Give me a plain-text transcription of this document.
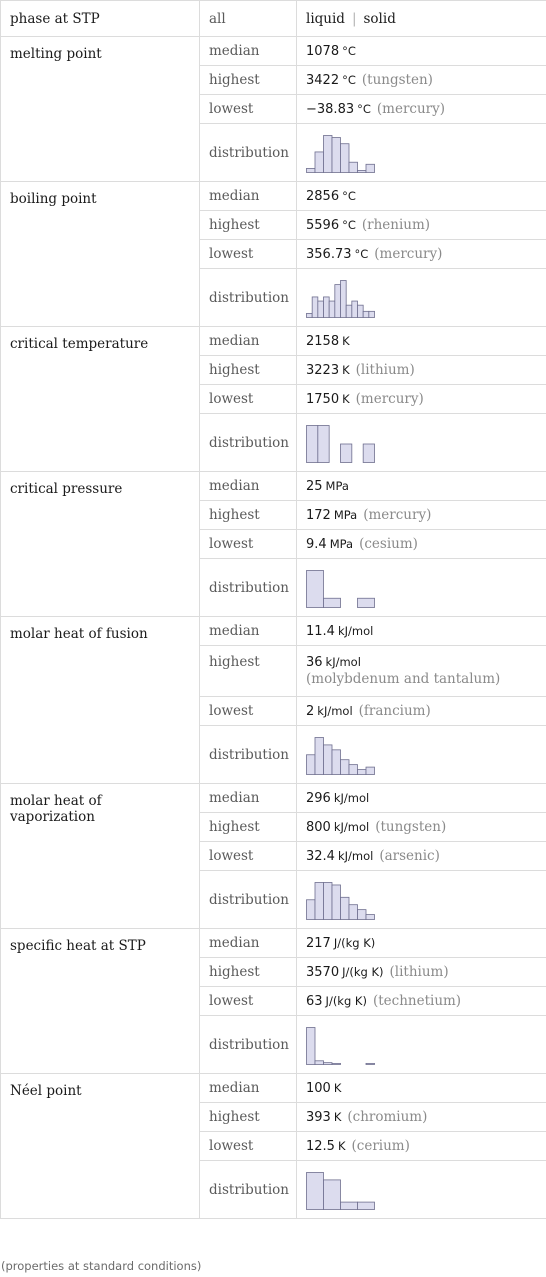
phase at STP	all	liquid | solid
melting point	median	1078 °C
	highest	3422 °C (tungsten)
	lowest	−38.83 °C (mercury)
	distribution	

boiling point	median	2856 °C
	highest	5596 °C (rhenium)
	lowest	356.73 °C (mercury)
	distribution	

critical temperature	median	2158 K
	highest	3223 K (lithium)
	lowest	1750 K (mercury)
	distribution	

critical pressure	median	25 MPa
	highest	172 MPa (mercury)
	lowest	9.4 MPa (cesium)
	distribution	

molar heat of fusion	median	11.4 kJ/mol
	highest	36 kJ/mol
(molybdenum and tantalum)

	lowest	2 kJ/mol (francium)
	distribution	

molar heat of vaporization	median	296 kJ/mol
	highest	800 kJ/mol (tungsten)
	lowest	32.4 kJ/mol (arsenic)
	distribution	

specific heat at STP	median	217 J/(kg K)
	highest	3570 J/(kg K) (lithium)
	lowest	63 J/(kg K) (technetium)
	distribution	

Néel point	median	100 K
	highest	393 K (chromium)
	lowest	12.5 K (cerium)
	distribution	
(properties at standard conditions)
